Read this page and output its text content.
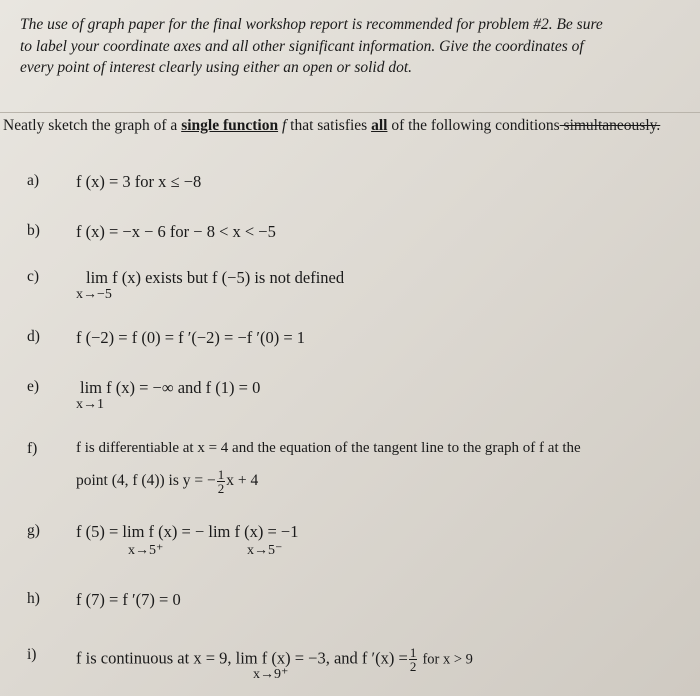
The use of graph paper for the final workshop report is recommended for problem #2. Be sure
to label your coordinate axes and all other significant information. Give the coordinates of
every point of interest clearly using either an open or solid dot.
Neatly sketch the graph of a single function f that satisfies all of the following conditions simultaneously.
a) f (x) = 3 for x ≤ −8
b) f (x) = −x − 6 for − 8 < x < −5
c)	lim f (x) exists but f (−5) is not defined
x→−5
d) f (−2) = f (0) = f ′(−2) = −f ′(0) = 1
e) lim f (x) = −∞ and f (1) = 0
x→1
f)	f is differentiable at x = 4 and the equation of the tangent line to the graph of f at the
point (4, f (4)) is y = − $\frac{1}{2}$ x + 4
g) f (5) = lim f (x) = − lim f (x) = −1
x→5⁺	x→5⁻
h) f (7) = f ′(7) = 0
i) f is continuous at x = 9, lim f (x) = −3, and f $'(x) = \frac{1}{2}$ for x > 9
x→9⁺
